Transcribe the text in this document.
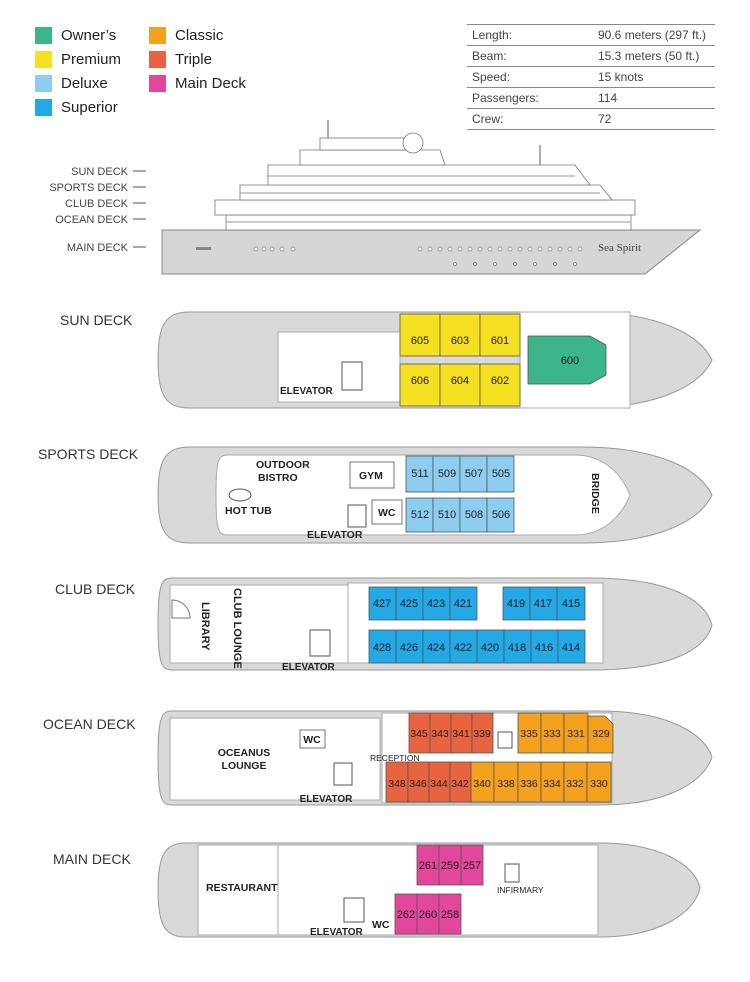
Owner’s
Premium
Deluxe
Superior
Classic
Triple
Main Deck
Length:	90.6 meters (297 ft.)
Beam:	15.3 meters (50 ft.)
Speed:	15 knots
Passengers:	114
Crew:	72
SUN DECK
SPORTS DECK
CLUB DECK
OCEAN DECK
MAIN DECK	Sea Spirit
SUN DECK
605 603 601
606 604 602
600
ELEVATOR
SPORTS DECK
511 509 507 505
512 510 508 506
OUTDOOR
BISTRO	GYM
WC
HOT TUB
ELEVATOR
BRIDGE
CLUB DECK
427 425 423 421	419 417 415
428 426 424 422 420 418 416 414
LIBRARY CLUB LOUNGE	ELEVATOR
OCEAN DECK
345 343 341 339	335 333 331 329
348 346 344 342 340 338 336 334 332 330
OCEANUS
LOUNGE
WC
ELEVATOR
RECEPTION
MAIN DECK	261 259 257
262 260 258
RESTAURANT
WC
ELEVATOR
INFIRMARY
